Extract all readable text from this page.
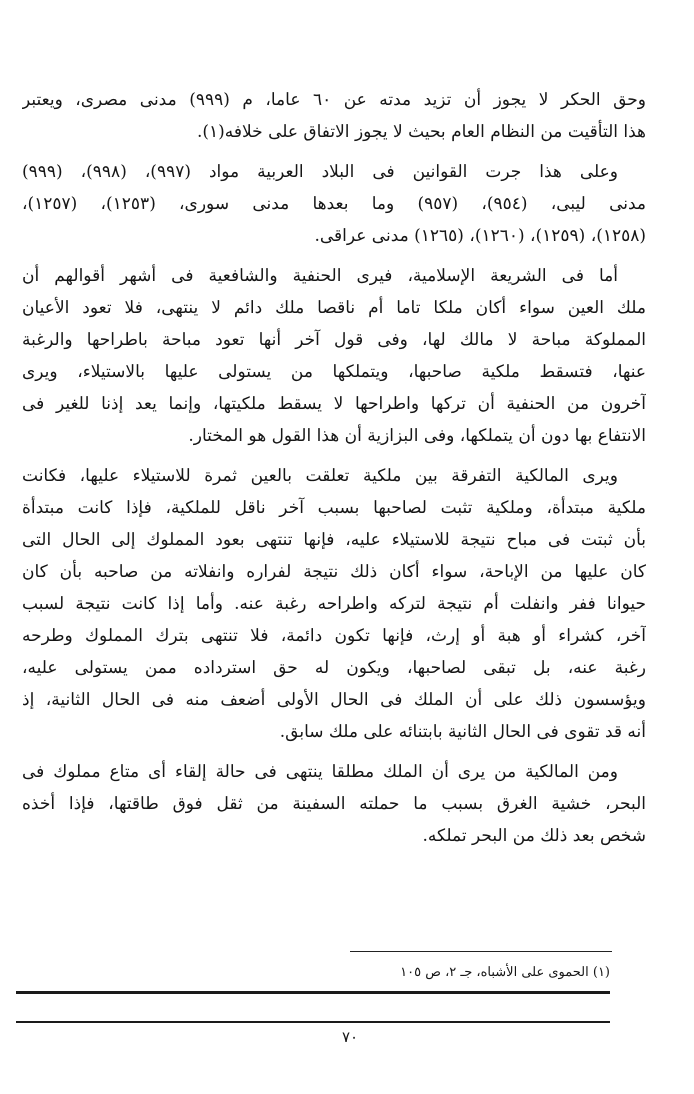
وحق الحكر لا يجوز أن تزيد مدته عن ٦٠ عاما، م (٩٩٩) مدنى مصرى، ويعتبر
هذا التأقيت من النظام العام بحيث لا يجوز الاتفاق على خلافه(١).

وعلى هذا جرت القوانين فى البلاد العربية مواد (٩٩٧)، (٩٩٨)، (٩٩٩)
مدنى ليبى، (٩٥٤)، (٩٥٧) وما بعدها مدنى سورى، (١٢٥٣)، (١٢٥٧)،
(١٢٥٨)، (١٢٥٩)، (١٢٦٠)، (١٢٦٥) مدنى عراقى.

أما فى الشريعة الإسلامية، فيرى الحنفية والشافعية فى أشهر أقوالهم أن
ملك العين سواء أكان ملكا تاما أم ناقصا ملك دائم لا ينتهى، فلا تعود الأعيان
المملوكة مباحة لا مالك لها، وفى قول آخر أنها تعود مباحة باطراحها والرغبة
عنها، فتسقط ملكية صاحبها، ويتملكها من يستولى عليها بالاستيلاء، ويرى
آخرون من الحنفية أن تركها واطراحها لا يسقط ملكيتها، وإنما يعد إذنا للغير فى
الانتفاع بها دون أن يتملكها، وفى البزازية أن هذا القول هو المختار.

ويرى المالكية التفرقة بين ملكية تعلقت بالعين ثمرة للاستيلاء عليها، فكانت
ملكية مبتدأة، وملكية تثبت لصاحبها بسبب آخر ناقل للملكية، فإذا كانت مبتدأة
بأن ثبتت فى مباح نتيجة للاستيلاء عليه، فإنها تنتهى بعود المملوك إلى الحال التى
كان عليها من الإباحة، سواء أكان ذلك نتيجة لفراره وانفلاته من صاحبه بأن كان
حيوانا ففر وانفلت أم نتيجة لتركه واطراحه رغبة عنه. وأما إذا كانت نتيجة لسبب
آخر، كشراء أو هبة أو إرث، فإنها تكون دائمة، فلا تنتهى بترك المملوك وطرحه
رغبة عنه، بل تبقى لصاحبها، ويكون له حق استرداده ممن يستولى عليه،
ويؤسسون ذلك على أن الملك فى الحال الأولى أضعف منه فى الحال الثانية، إذ
أنه قد تقوى فى الحال الثانية بابتنائه على ملك سابق.

ومن المالكية من يرى أن الملك مطلقا ينتهى فى حالة إلقاء أى متاع مملوك فى
البحر، خشية الغرق بسبب ما حملته السفينة من ثقل فوق طاقتها، فإذا أخذه
شخص بعد ذلك من البحر تملكه.

(١) الحموى على الأشباه، جـ ٢، ص ١٠٥
٧٠
